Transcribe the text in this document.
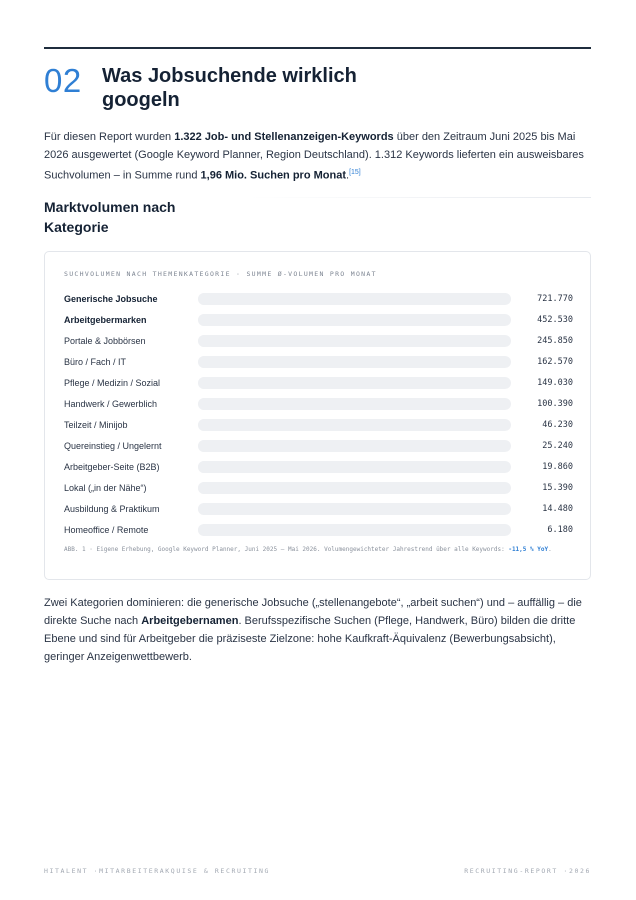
02 Was Jobsuchende wirklich googeln

Für diesen Report wurden 1.322 Job- und Stellenanzeigen-Keywords über den Zeitraum Juni 2025 bis Mai 2026 ausgewertet (Google Keyword Planner, Region Deutschland). 1.312 Keywords lieferten ein ausweisbares Suchvolumen – in Summe rund 1,96 Mio. Suchen pro Monat.[15]

Marktvolumen nach Kategorie
SUCHVOLUMEN NACH THEMENKATEGORIE · SUMME Ø-VOLUMEN PRO MONAT
Generische Jobsuche	721.770
Arbeitgebermarken	452.530
Portale & Jobbörsen	245.850
Büro / Fach / IT	162.570
Pflege / Medizin / Sozial	149.030
Handwerk / Gewerblich	100.390
Teilzeit / Minijob	46.230
Quereinstieg / Ungelernt	25.240
Arbeitgeber-Seite (B2B)	19.860
Lokal („in der Nähe“)	15.390
Ausbildung & Praktikum	14.480
Homeoffice / Remote	6.180
ABB. 1 · Eigene Erhebung, Google Keyword Planner, Juni 2025 – Mai 2026. Volumengewichteter Jahrestrend über alle Keywords: -11,5 % YoY.

Zwei Kategorien dominieren: die generische Jobsuche („stellenangebote“, „arbeit suchen“) und – auffällig – die direkte Suche nach Arbeitgebernamen. Berufsspezifische Suchen (Pflege, Handwerk, Büro) bilden die dritte Ebene und sind für Arbeitgeber die präziseste Zielzone: hohe Kaufkraft-Äquivalenz (Bewerbungsabsicht), geringer Anzeigenwettbewerb.

HITALENT ·MITARBEITERAKQUISE & RECRUITING	RECRUITING-REPORT ·2026
